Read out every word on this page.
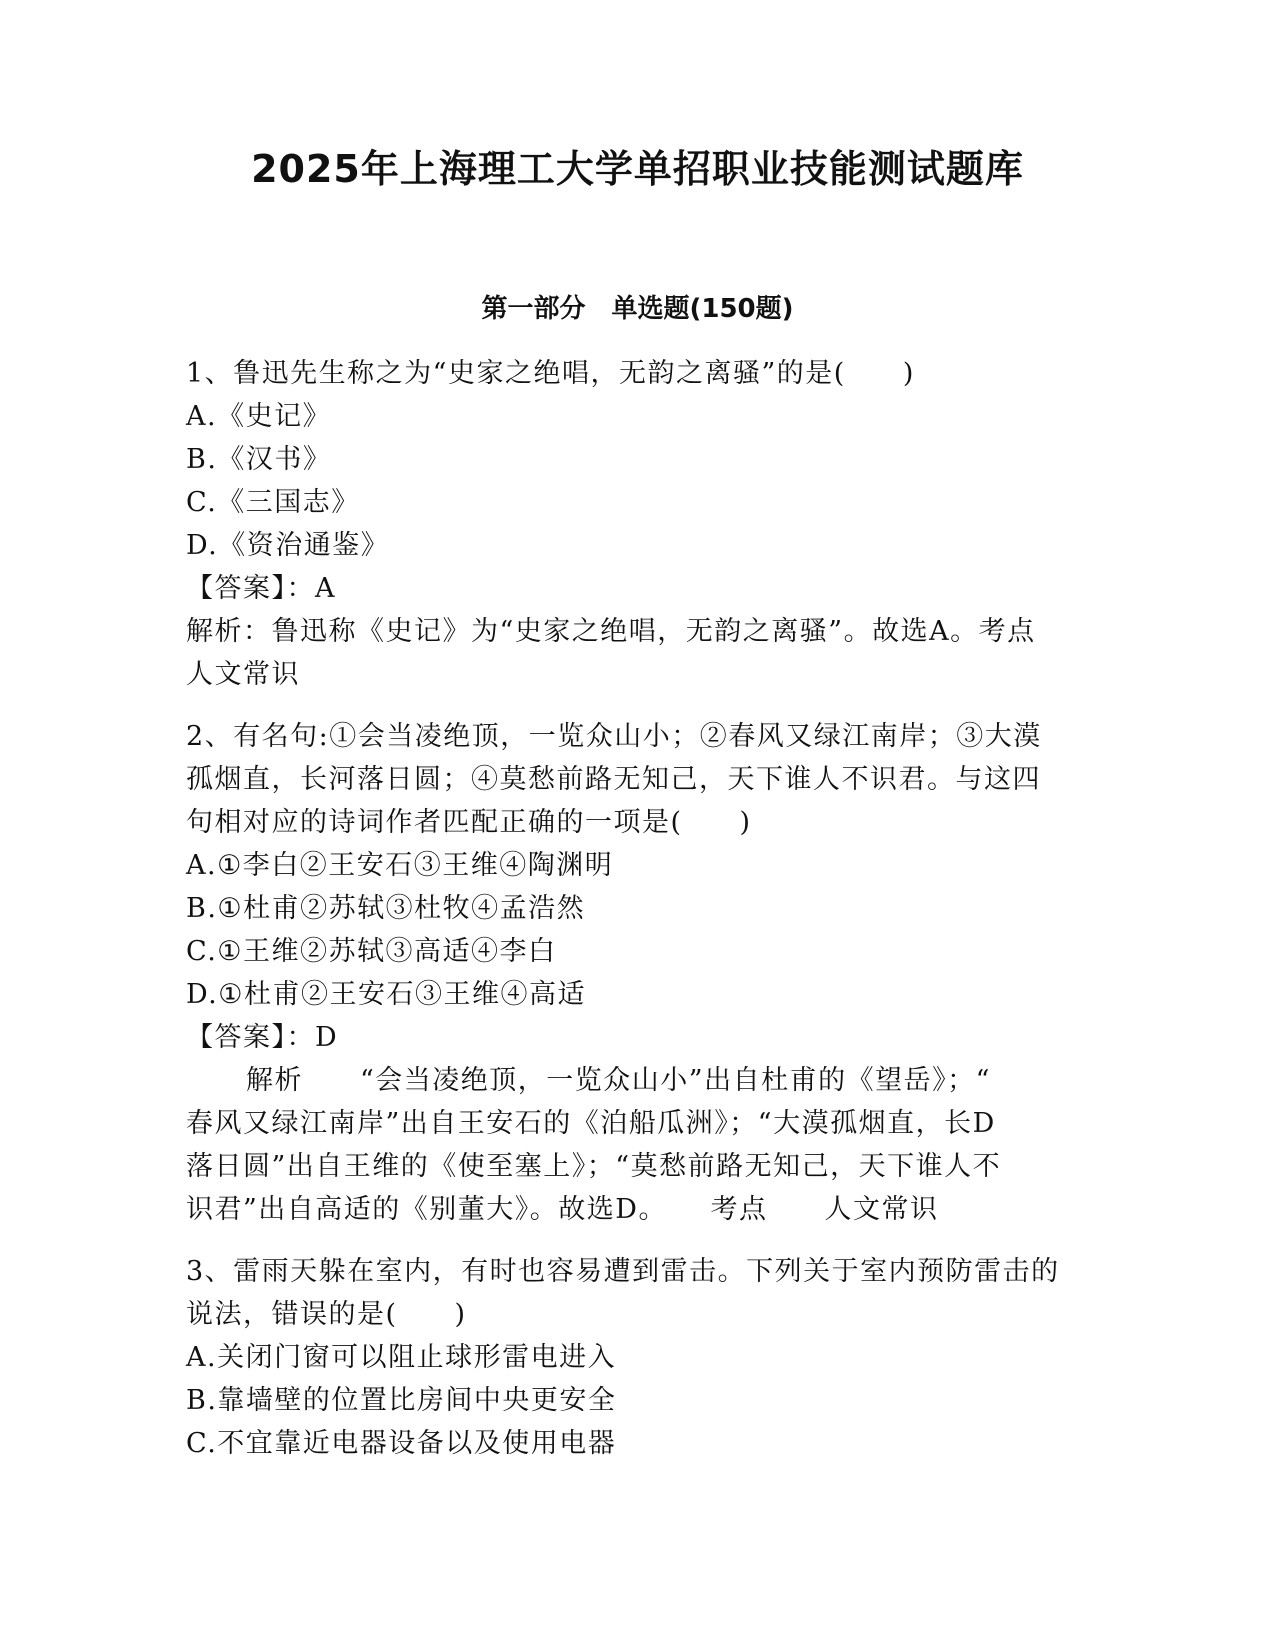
2025年上海理工大学单招职业技能测试题库
第一部分　单选题(150题)
1、鲁迅先生称之为“史家之绝唱，无韵之离骚”的是(　　)
A.《史记》
B.《汉书》
C.《三国志》
D.《资治通鉴》
【答案】：A
解析：鲁迅称《史记》为“史家之绝唱，无韵之离骚”。故选A。考点
人文常识
2、有名句:①会当凌绝顶，一览众山小；②春风又绿江南岸；③大漠
孤烟直，长河落日圆；④莫愁前路无知己，天下谁人不识君。与这四
句相对应的诗词作者匹配正确的一项是(　　)
A.①李白②王安石③王维④陶渊明
B.①杜甫②苏轼③杜牧④孟浩然
C.①王维②苏轼③高适④李白
D.①杜甫②王安石③王维④高适
【答案】：D
解析　　“会当凌绝顶，一览众山小”出自杜甫的《望岳》；“
春风又绿江南岸”出自王安石的《泊船瓜洲》；“大漠孤烟直，长D
落日圆”出自王维的《使至塞上》；“莫愁前路无知己，天下谁人不
识君”出自高适的《别董大》。故选D。　　考点　　人文常识
3、雷雨天躲在室内，有时也容易遭到雷击。下列关于室内预防雷击的
说法，错误的是(　　)
A.关闭门窗可以阻止球形雷电进入
B.靠墙壁的位置比房间中央更安全
C.不宜靠近电器设备以及使用电器
